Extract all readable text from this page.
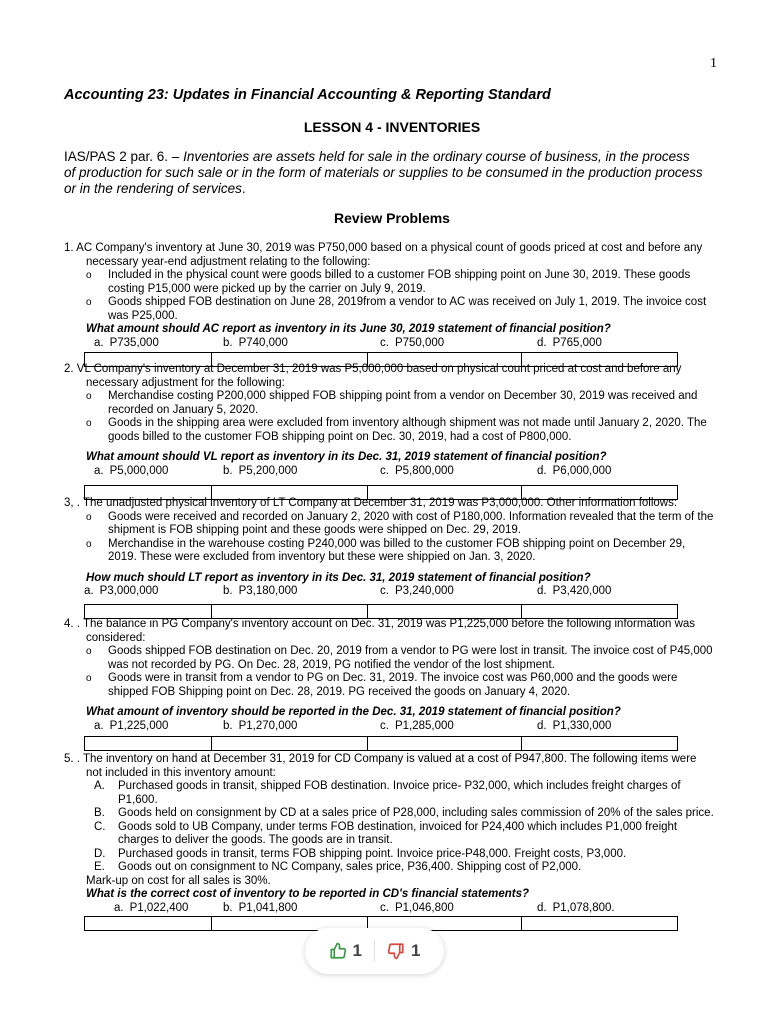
1
Accounting 23: Updates in Financial Accounting & Reporting Standard
LESSON 4 - INVENTORIES
IAS/PAS 2 par. 6. – Inventories are assets held for sale in the ordinary course of business, in the process of production for such sale or in the form of materials or supplies to be consumed in the production process or in the rendering of services.
Review Problems

1. AC Company's inventory at June 30, 2019 was P750,000 based on a physical count of goods priced at cost and before any necessary year-end adjustment relating to the following:

o Included in the physical count were goods billed to a customer FOB shipping point on June 30, 2019. These goods costing P15,000 were picked up by the carrier on July 9, 2019.
o Goods shipped FOB destination on June 28, 2019from a vendor to AC was received on July 1, 2019. The invoice cost was P25,000.
What amount should AC report as inventory in its June 30, 2019 statement of financial position?
a. P735,000	b. P740,000	c. P750,000	d. P765,000

2. VL Company's inventory at December 31, 2019 was P5,000,000 based on physical count priced at cost and before any necessary adjustment for the following:

o Merchandise costing P200,000 shipped FOB shipping point from a vendor on December 30, 2019 was received and recorded on January 5, 2020.
o Goods in the shipping area were excluded from inventory although shipment was not made until January 2, 2020. The goods billed to the customer FOB shipping point on Dec. 30, 2019, had a cost of P800,000.
What amount should VL report as inventory in its Dec. 31, 2019 statement of financial position?
a. P5,000,000	b. P5,200,000	c. P5,800,000	d. P6,000,000

3, . The unadjusted physical inventory of LT Company at December 31, 2019 was P3,000,000. Other information follows:

o Goods were received and recorded on January 2, 2020 with cost of P180,000. Information revealed that the term of the shipment is FOB shipping point and these goods were shipped on Dec. 29, 2019.
o Merchandise in the warehouse costing P240,000 was billed to the customer FOB shipping point on December 29, 2019. These were excluded from inventory but these were shippied on Jan. 3, 2020.
How much should LT report as inventory in its Dec. 31, 2019 statement of financial position?
a. P3,000,000	b. P3,180,000	c. P3,240,000	d. P3,420,000

4. . The balance in PG Company's inventory account on Dec. 31, 2019 was P1,225,000 before the following information was considered:

o Goods shipped FOB destination on Dec. 20, 2019 from a vendor to PG were lost in transit. The invoice cost of P45,000 was not recorded by PG. On Dec. 28, 2019, PG notified the vendor of the lost shipment.
o Goods were in transit from a vendor to PG on Dec. 31, 2019. The invoice cost was P60,000 and the goods were shipped FOB Shipping point on Dec. 28, 2019. PG received the goods on January 4, 2020.
What amount of inventory should be reported in the Dec. 31, 2019 statement of financial position?
a. P1,225,000	b. P1,270,000	c. P1,285,000	d. P1,330,000

5. . The inventory on hand at December 31, 2019 for CD Company is valued at a cost of P947,800. The following items were not included in this inventory amount:

A. Purchased goods in transit, shipped FOB destination. Invoice price- P32,000, which includes freight charges of P1,600.
B. Goods held on consignment by CD at a sales price of P28,000, including sales commission of 20% of the sales price.
C. Goods sold to UB Company, under terms FOB destination, invoiced for P24,400 which includes P1,000 freight charges to deliver the goods. The goods are in transit.
D. Purchased goods in transit, terms FOB shipping point. Invoice price-P48,000. Freight costs, P3,000.
E. Goods out on consignment to NC Company, sales price, P36,400. Shipping cost of P2,000.
Mark-up on cost for all sales is 30%.
What is the correct cost of inventory to be reported in CD's financial statements?
a. P1,022,400	b. P1,041,800	c. P1,046,800	d. P1,078,800.
1	1
